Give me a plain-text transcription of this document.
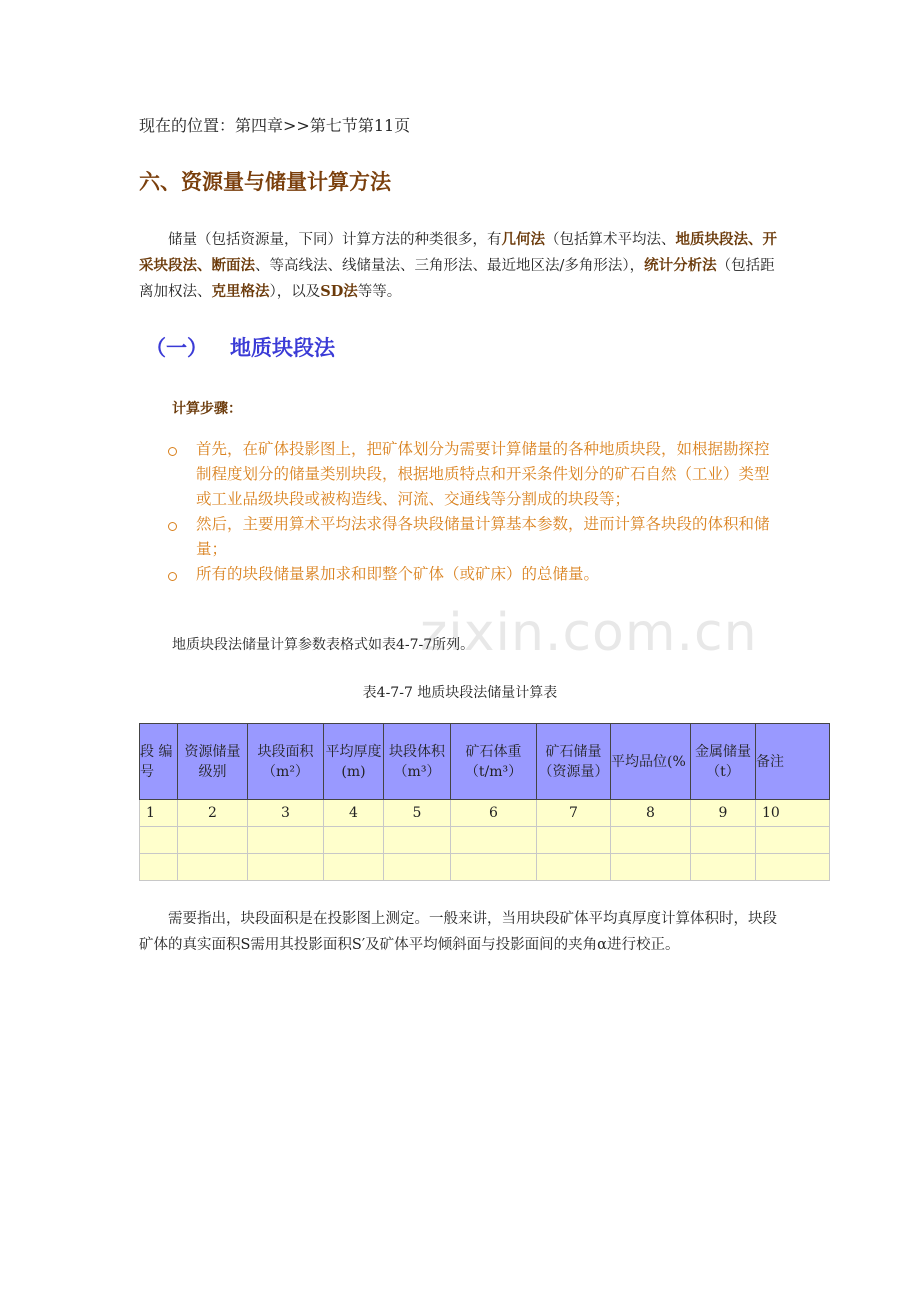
现在的位置：第四章>>第七节第11页
六、资源量与储量计算方法
储量（包括资源量，下同）计算方法的种类很多，有几何法（包括算术平均法、地质块段法、开采块段法、断面法、等高线法、线储量法、三角形法、最近地区法/多角形法），统计分析法（包括距离加权法、克里格法），以及SD法等等。
（一） 地质块段法
计算步骤：
首先，在矿体投影图上，把矿体划分为需要计算储量的各种地质块段，如根据勘探控制程度划分的储量类别块段，根据地质特点和开采条件划分的矿石自然（工业）类型或工业品级块段或被构造线、河流、交通线等分割成的块段等；
然后，主要用算术平均法求得各块段储量计算基本参数，进而计算各块段的体积和储量；
所有的块段储量累加求和即整个矿体（或矿床）的总储量。
zixin.com.cn
地质块段法储量计算参数表格式如表4-7-7所列。
表4-7-7 地质块段法储量计算表
段 编号	资源储量级别	块段面积（m²）	平均厚度(m)	块段体积（m³）	矿石体重（t/m³）	矿石储量（资源量）	平均品位(%	金属储量（t）	备注
1	2	3	4	5	6	7	8	9	10

需要指出，块段面积是在投影图上测定。一般来讲，当用块段矿体平均真厚度计算体积时，块段矿体的真实面积S需用其投影面积S′及矿体平均倾斜面与投影面间的夹角α进行校正。
